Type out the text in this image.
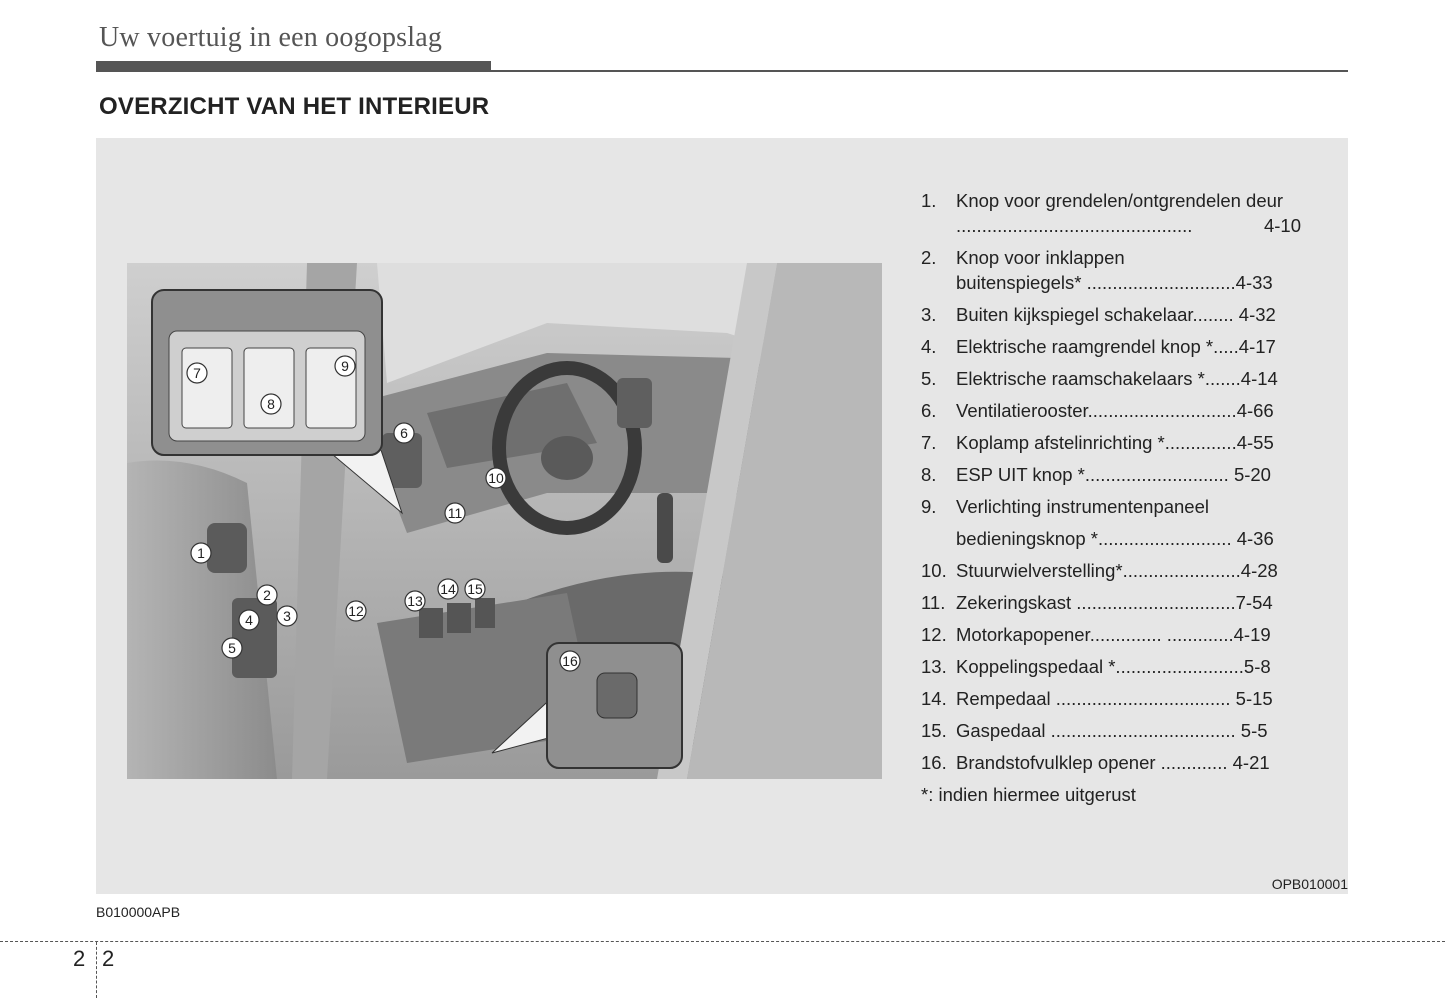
Uw voertuig in een oogopslag
OVERZICHT VAN HET INTERIEUR
1
2
3
4
5
6
7
8
9
10
11
12
13
14 15
16
1.	Knop voor grendelen/ontgrendelen deur
..............................................	4-10
2.	Knop voor inklappen
buitenspiegels* .............................4-33
3.	Buiten kijkspiegel schakelaar........ 4-32
4.	Elektrische raamgrendel knop *.....4-17
5.	Elektrische raamschakelaars *.......4-14
6.	Ventilatierooster.............................4-66
7.	Koplamp afstelinrichting *..............4-55
8.	ESP UIT knop *............................ 5-20
9.	Verlichting instrumentenpaneel
bedieningsknop *.......................... 4-36
10. Stuurwielverstelling*.......................4-28
11. Zekeringskast ...............................7-54
12. Motorkapopener.............. .............4-19
13. Koppelingspedaal *.........................5-8
14. Rempedaal .................................. 5-15
15. Gaspedaal .................................... 5-5
16. Brandstofvulklep opener ............. 4-21
*: indien hiermee uitgerust
OPB010001
B010000APB
2 2
